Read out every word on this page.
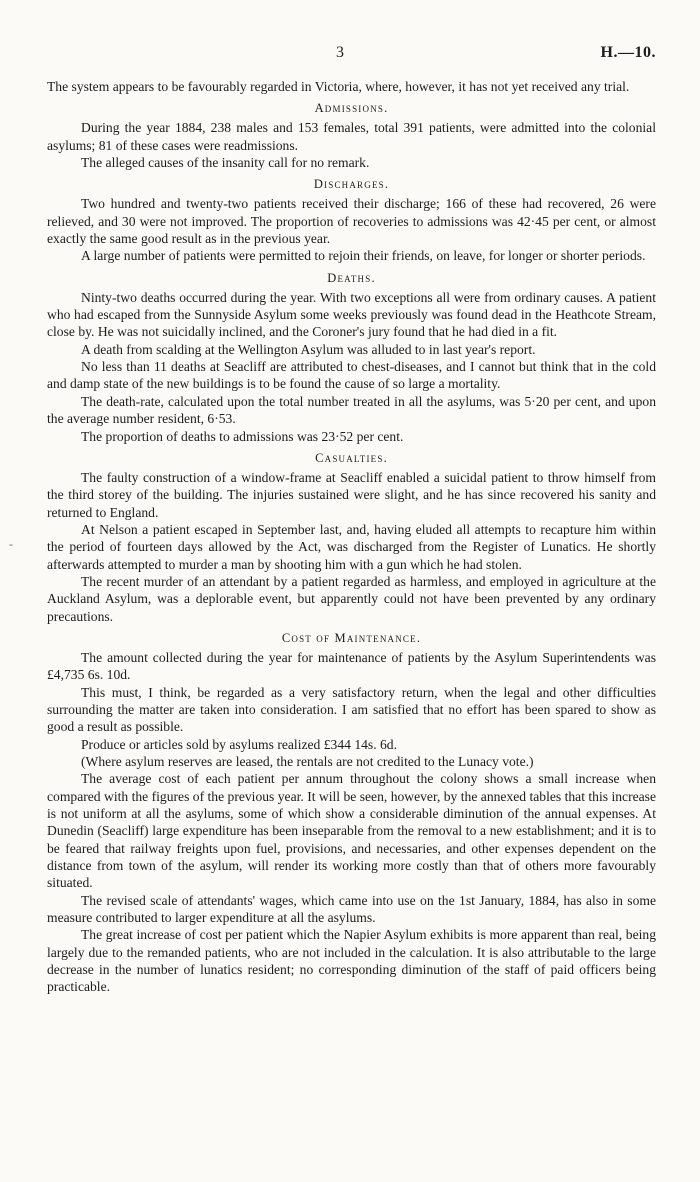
3	H.—10.
-

The system appears to be favourably regarded in Victoria, where, however, it has not yet received any trial.

Admissions.

During the year 1884, 238 males and 153 females, total 391 patients, were admitted into the colonial asylums; 81 of these cases were readmissions.

The alleged causes of the insanity call for no remark.

Discharges.

Two hundred and twenty-two patients received their discharge; 166 of these had recovered, 26 were relieved, and 30 were not improved. The proportion of recoveries to admissions was 42·45 per cent, or almost exactly the same good result as in the previous year.

A large number of patients were permitted to rejoin their friends, on leave, for longer or shorter periods.

Deaths.

Ninty-two deaths occurred during the year. With two exceptions all were from ordinary causes. A patient who had escaped from the Sunnyside Asylum some weeks previously was found dead in the Heathcote Stream, close by. He was not suicidally inclined, and the Coroner's jury found that he had died in a fit.

A death from scalding at the Wellington Asylum was alluded to in last year's report.

No less than 11 deaths at Seacliff are attributed to chest-diseases, and I cannot but think that in the cold and damp state of the new buildings is to be found the cause of so large a mortality.

The death-rate, calculated upon the total number treated in all the asylums, was 5·20 per cent, and upon the average number resident, 6·53.

The proportion of deaths to admissions was 23·52 per cent.

Casualties.

The faulty construction of a window-frame at Seacliff enabled a suicidal patient to throw himself from the third storey of the building. The injuries sustained were slight, and he has since recovered his sanity and returned to England.

At Nelson a patient escaped in September last, and, having eluded all attempts to recapture him within the period of fourteen days allowed by the Act, was discharged from the Register of Lunatics. He shortly afterwards attempted to murder a man by shooting him with a gun which he had stolen.

The recent murder of an attendant by a patient regarded as harmless, and employed in agriculture at the Auckland Asylum, was a deplorable event, but apparently could not have been prevented by any ordinary precautions.

Cost of Maintenance.

The amount collected during the year for maintenance of patients by the Asylum Superintendents was £4,735 6s. 10d.

This must, I think, be regarded as a very satisfactory return, when the legal and other difficulties surrounding the matter are taken into consideration. I am satisfied that no effort has been spared to show as good a result as possible.

Produce or articles sold by asylums realized £344 14s. 6d.

(Where asylum reserves are leased, the rentals are not credited to the Lunacy vote.)

The average cost of each patient per annum throughout the colony shows a small increase when compared with the figures of the previous year. It will be seen, however, by the annexed tables that this increase is not uniform at all the asylums, some of which show a considerable diminution of the annual expenses. At Dunedin (Seacliff) large expenditure has been inseparable from the removal to a new establishment; and it is to be feared that railway freights upon fuel, provisions, and necessaries, and other expenses dependent on the distance from town of the asylum, will render its working more costly than that of others more favourably situated.

The revised scale of attendants' wages, which came into use on the 1st January, 1884, has also in some measure contributed to larger expenditure at all the asylums.

The great increase of cost per patient which the Napier Asylum exhibits is more apparent than real, being largely due to the remanded patients, who are not included in the calculation. It is also attributable to the large decrease in the number of lunatics resident; no corresponding diminution of the staff of paid officers being practicable.
